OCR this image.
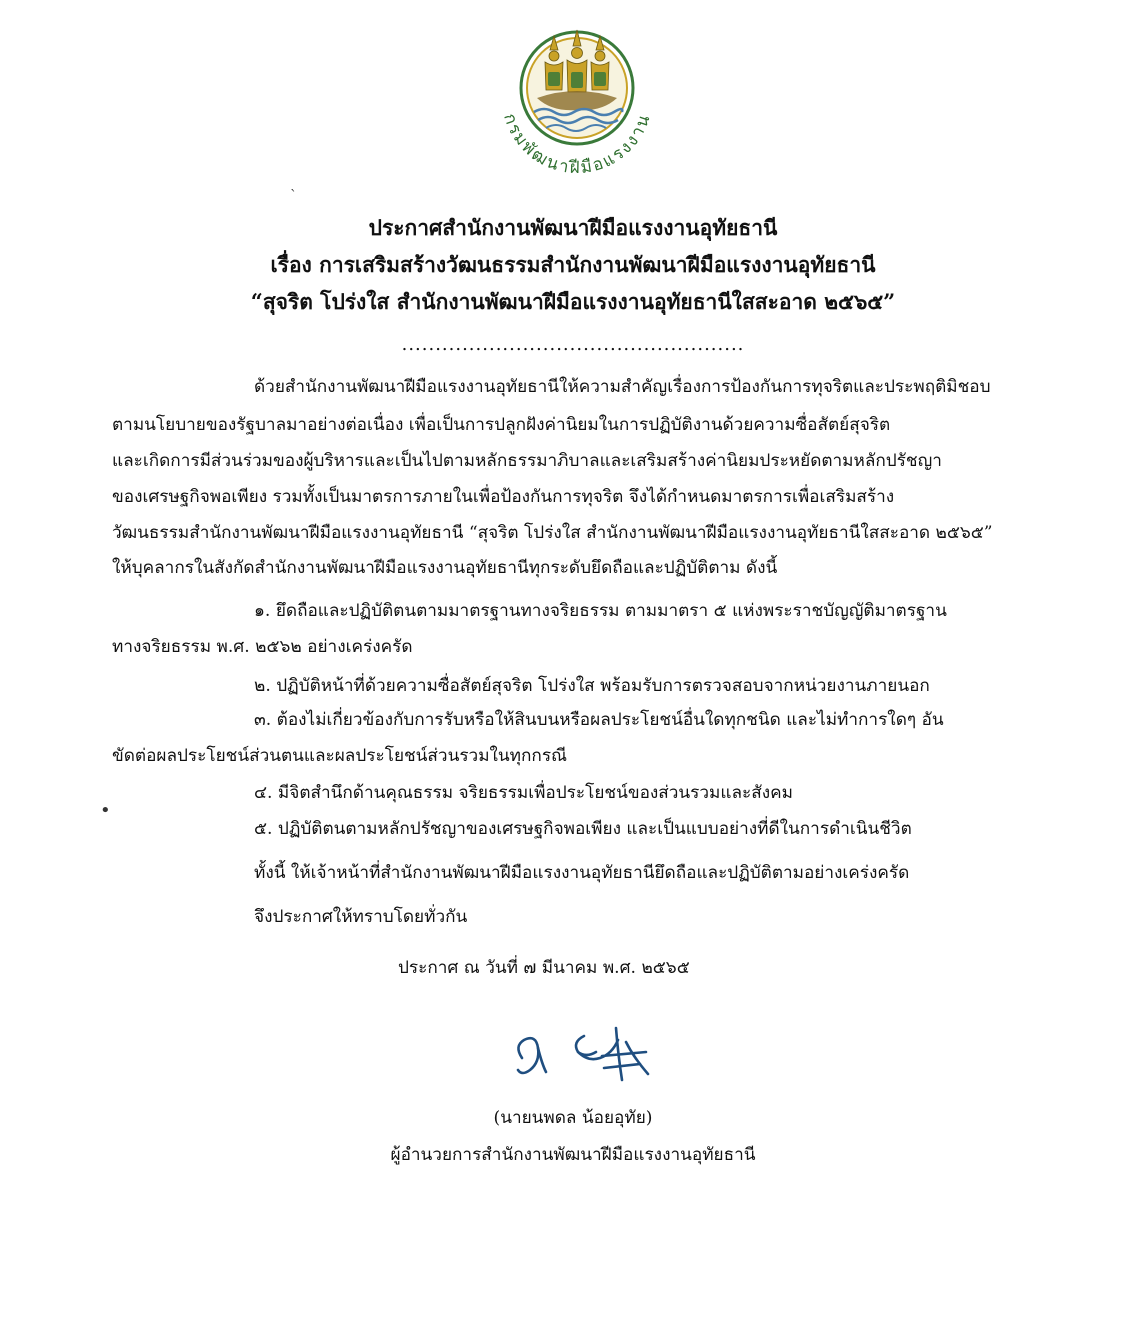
กรมพัฒนาฝีมือแรงงาน
`
•
ประกาศสำนักงานพัฒนาฝีมือแรงงานอุทัยธานี
เรื่อง การเสริมสร้างวัฒนธรรมสำนักงานพัฒนาฝีมือแรงงานอุทัยธานี
“สุจริต โปร่งใส สำนักงานพัฒนาฝีมือแรงงานอุทัยธานีใสสะอาด ๒๕๖๕”
...................................................
ด้วยสำนักงานพัฒนาฝีมือแรงงานอุทัยธานีให้ความสำคัญเรื่องการป้องกันการทุจริตและประพฤติมิชอบ
ตามนโยบายของรัฐบาลมาอย่างต่อเนื่อง เพื่อเป็นการปลูกฝังค่านิยมในการปฏิบัติงานด้วยความซื่อสัตย์สุจริต
และเกิดการมีส่วนร่วมของผู้บริหารและเป็นไปตามหลักธรรมาภิบาลและเสริมสร้างค่านิยมประหยัดตามหลักปรัชญา
ของเศรษฐกิจพอเพียง รวมทั้งเป็นมาตรการภายในเพื่อป้องกันการทุจริต จึงได้กำหนดมาตรการเพื่อเสริมสร้าง
วัฒนธรรมสำนักงานพัฒนาฝีมือแรงงานอุทัยธานี “สุจริต โปร่งใส สำนักงานพัฒนาฝีมือแรงงานอุทัยธานีใสสะอาด ๒๕๖๕”
ให้บุคลากรในสังกัดสำนักงานพัฒนาฝีมือแรงงานอุทัยธานีทุกระดับยึดถือและปฏิบัติตาม ดังนี้
๑. ยึดถือและปฏิบัติตนตามมาตรฐานทางจริยธรรม ตามมาตรา ๕ แห่งพระราชบัญญัติมาตรฐาน
ทางจริยธรรม พ.ศ. ๒๕๖๒ อย่างเคร่งครัด
๒. ปฏิบัติหน้าที่ด้วยความซื่อสัตย์สุจริต โปร่งใส พร้อมรับการตรวจสอบจากหน่วยงานภายนอก
๓. ต้องไม่เกี่ยวข้องกับการรับหรือให้สินบนหรือผลประโยชน์อื่นใดทุกชนิด และไม่ทำการใดๆ อัน
ขัดต่อผลประโยชน์ส่วนตนและผลประโยชน์ส่วนรวมในทุกกรณี
๔. มีจิตสำนึกด้านคุณธรรม จริยธรรมเพื่อประโยชน์ของส่วนรวมและสังคม
๕. ปฏิบัติตนตามหลักปรัชญาของเศรษฐกิจพอเพียง และเป็นแบบอย่างที่ดีในการดำเนินชีวิต
ทั้งนี้ ให้เจ้าหน้าที่สำนักงานพัฒนาฝีมือแรงงานอุทัยธานียึดถือและปฏิบัติตามอย่างเคร่งครัด
จึงประกาศให้ทราบโดยทั่วกัน
ประกาศ ณ วันที่ ๗ มีนาคม พ.ศ. ๒๕๖๕
(นายนพดล น้อยอุทัย)
ผู้อำนวยการสำนักงานพัฒนาฝีมือแรงงานอุทัยธานี
